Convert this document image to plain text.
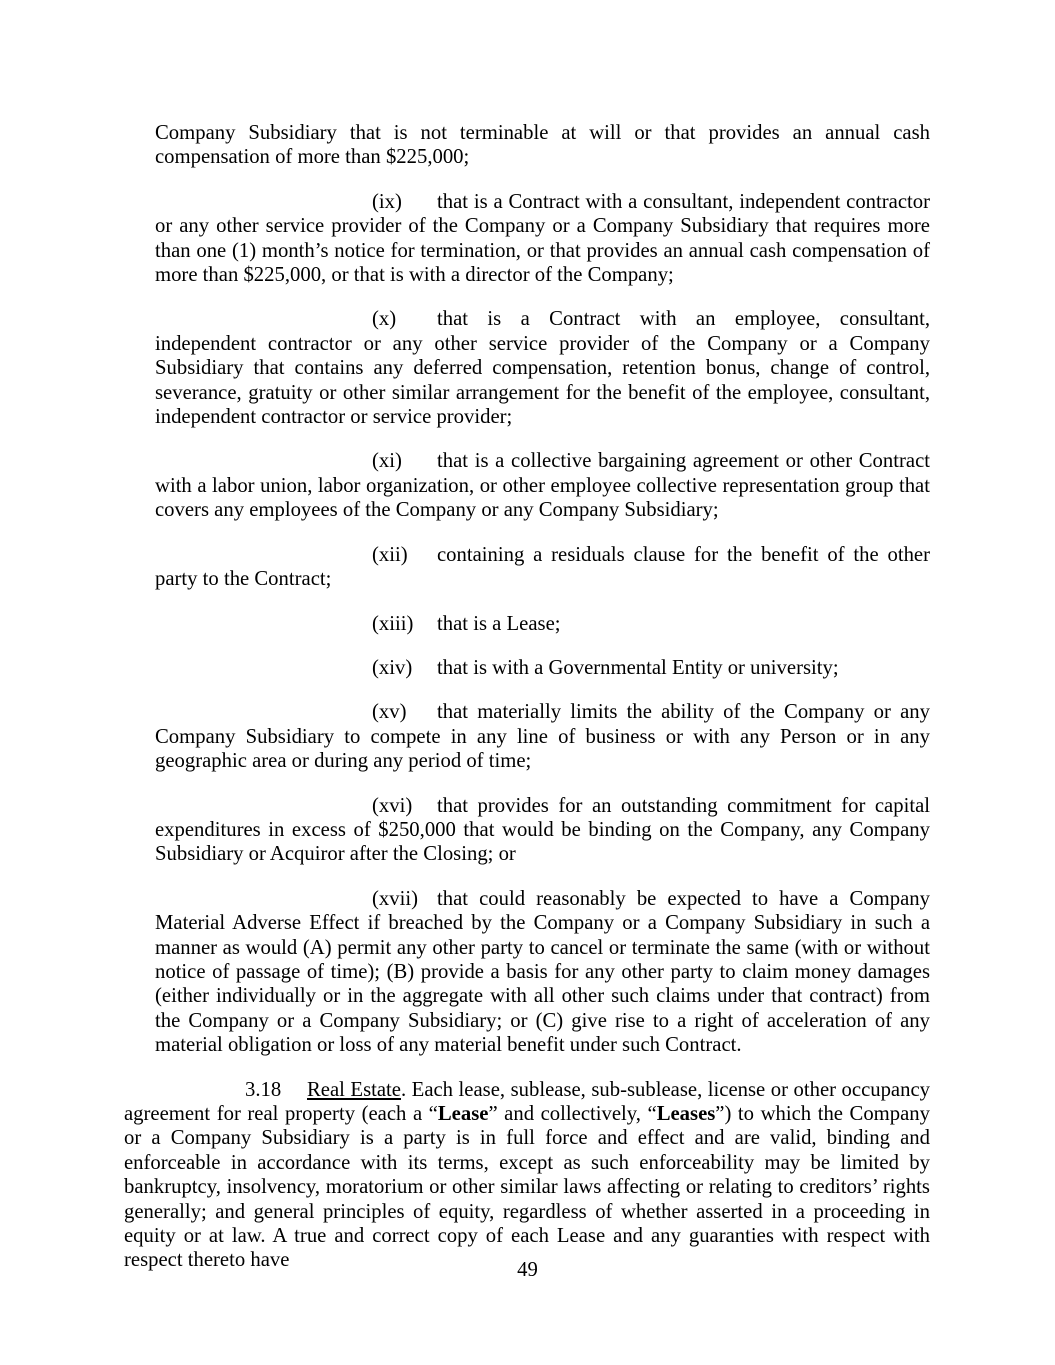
Company Subsidiary that is not terminable at will or that provides an annual cash compensation of more than $225,000;

(ix) that is a Contract with a consultant, independent contractor or any other service provider of the Company or a Company Subsidiary that requires more than one (1) month’s notice for termination, or that provides an annual cash compensation of more than $225,000, or that is with a director of the Company;

(x) that is a Contract with an employee, consultant, independent contractor or any other service provider of the Company or a Company Subsidiary that contains any deferred compensation, retention bonus, change of control, severance, gratuity or other similar arrangement for the benefit of the employee, consultant, independent contractor or service provider;

(xi) that is a collective bargaining agreement or other Contract with a labor union, labor organization, or other employee collective representation group that covers any employees of the Company or any Company Subsidiary;

(xii) containing a residuals clause for the benefit of the other party to the Contract;

(xiii) that is a Lease;

(xiv) that is with a Governmental Entity or university;

(xv) that materially limits the ability of the Company or any Company Subsidiary to compete in any line of business or with any Person or in any geographic area or during any period of time;

(xvi) that provides for an outstanding commitment for capital expenditures in excess of $250,000 that would be binding on the Company, any Company Subsidiary or Acquiror after the Closing; or

(xvii) that could reasonably be expected to have a Company Material Adverse Effect if breached by the Company or a Company Subsidiary in such a manner as would (A) permit any other party to cancel or terminate the same (with or without notice of passage of time); (B) provide a basis for any other party to claim money damages (either individually or in the aggregate with all other such claims under that contract) from the Company or a Company Subsidiary; or (C) give rise to a right of acceleration of any material obligation or loss of any material benefit under such Contract.

3.18 Real Estate. Each lease, sublease, sub-sublease, license or other occupancy agreement for real property (each a “Lease” and collectively, “Leases”) to which the Company or a Company Subsidiary is a party is in full force and effect and are valid, binding and enforceable in accordance with its terms, except as such enforceability may be limited by bankruptcy, insolvency, moratorium or other similar laws affecting or relating to creditors’ rights generally; and general principles of equity, regardless of whether asserted in a proceeding in equity or at law. A true and correct copy of each Lease and any guaranties with respect with respect thereto have	49
